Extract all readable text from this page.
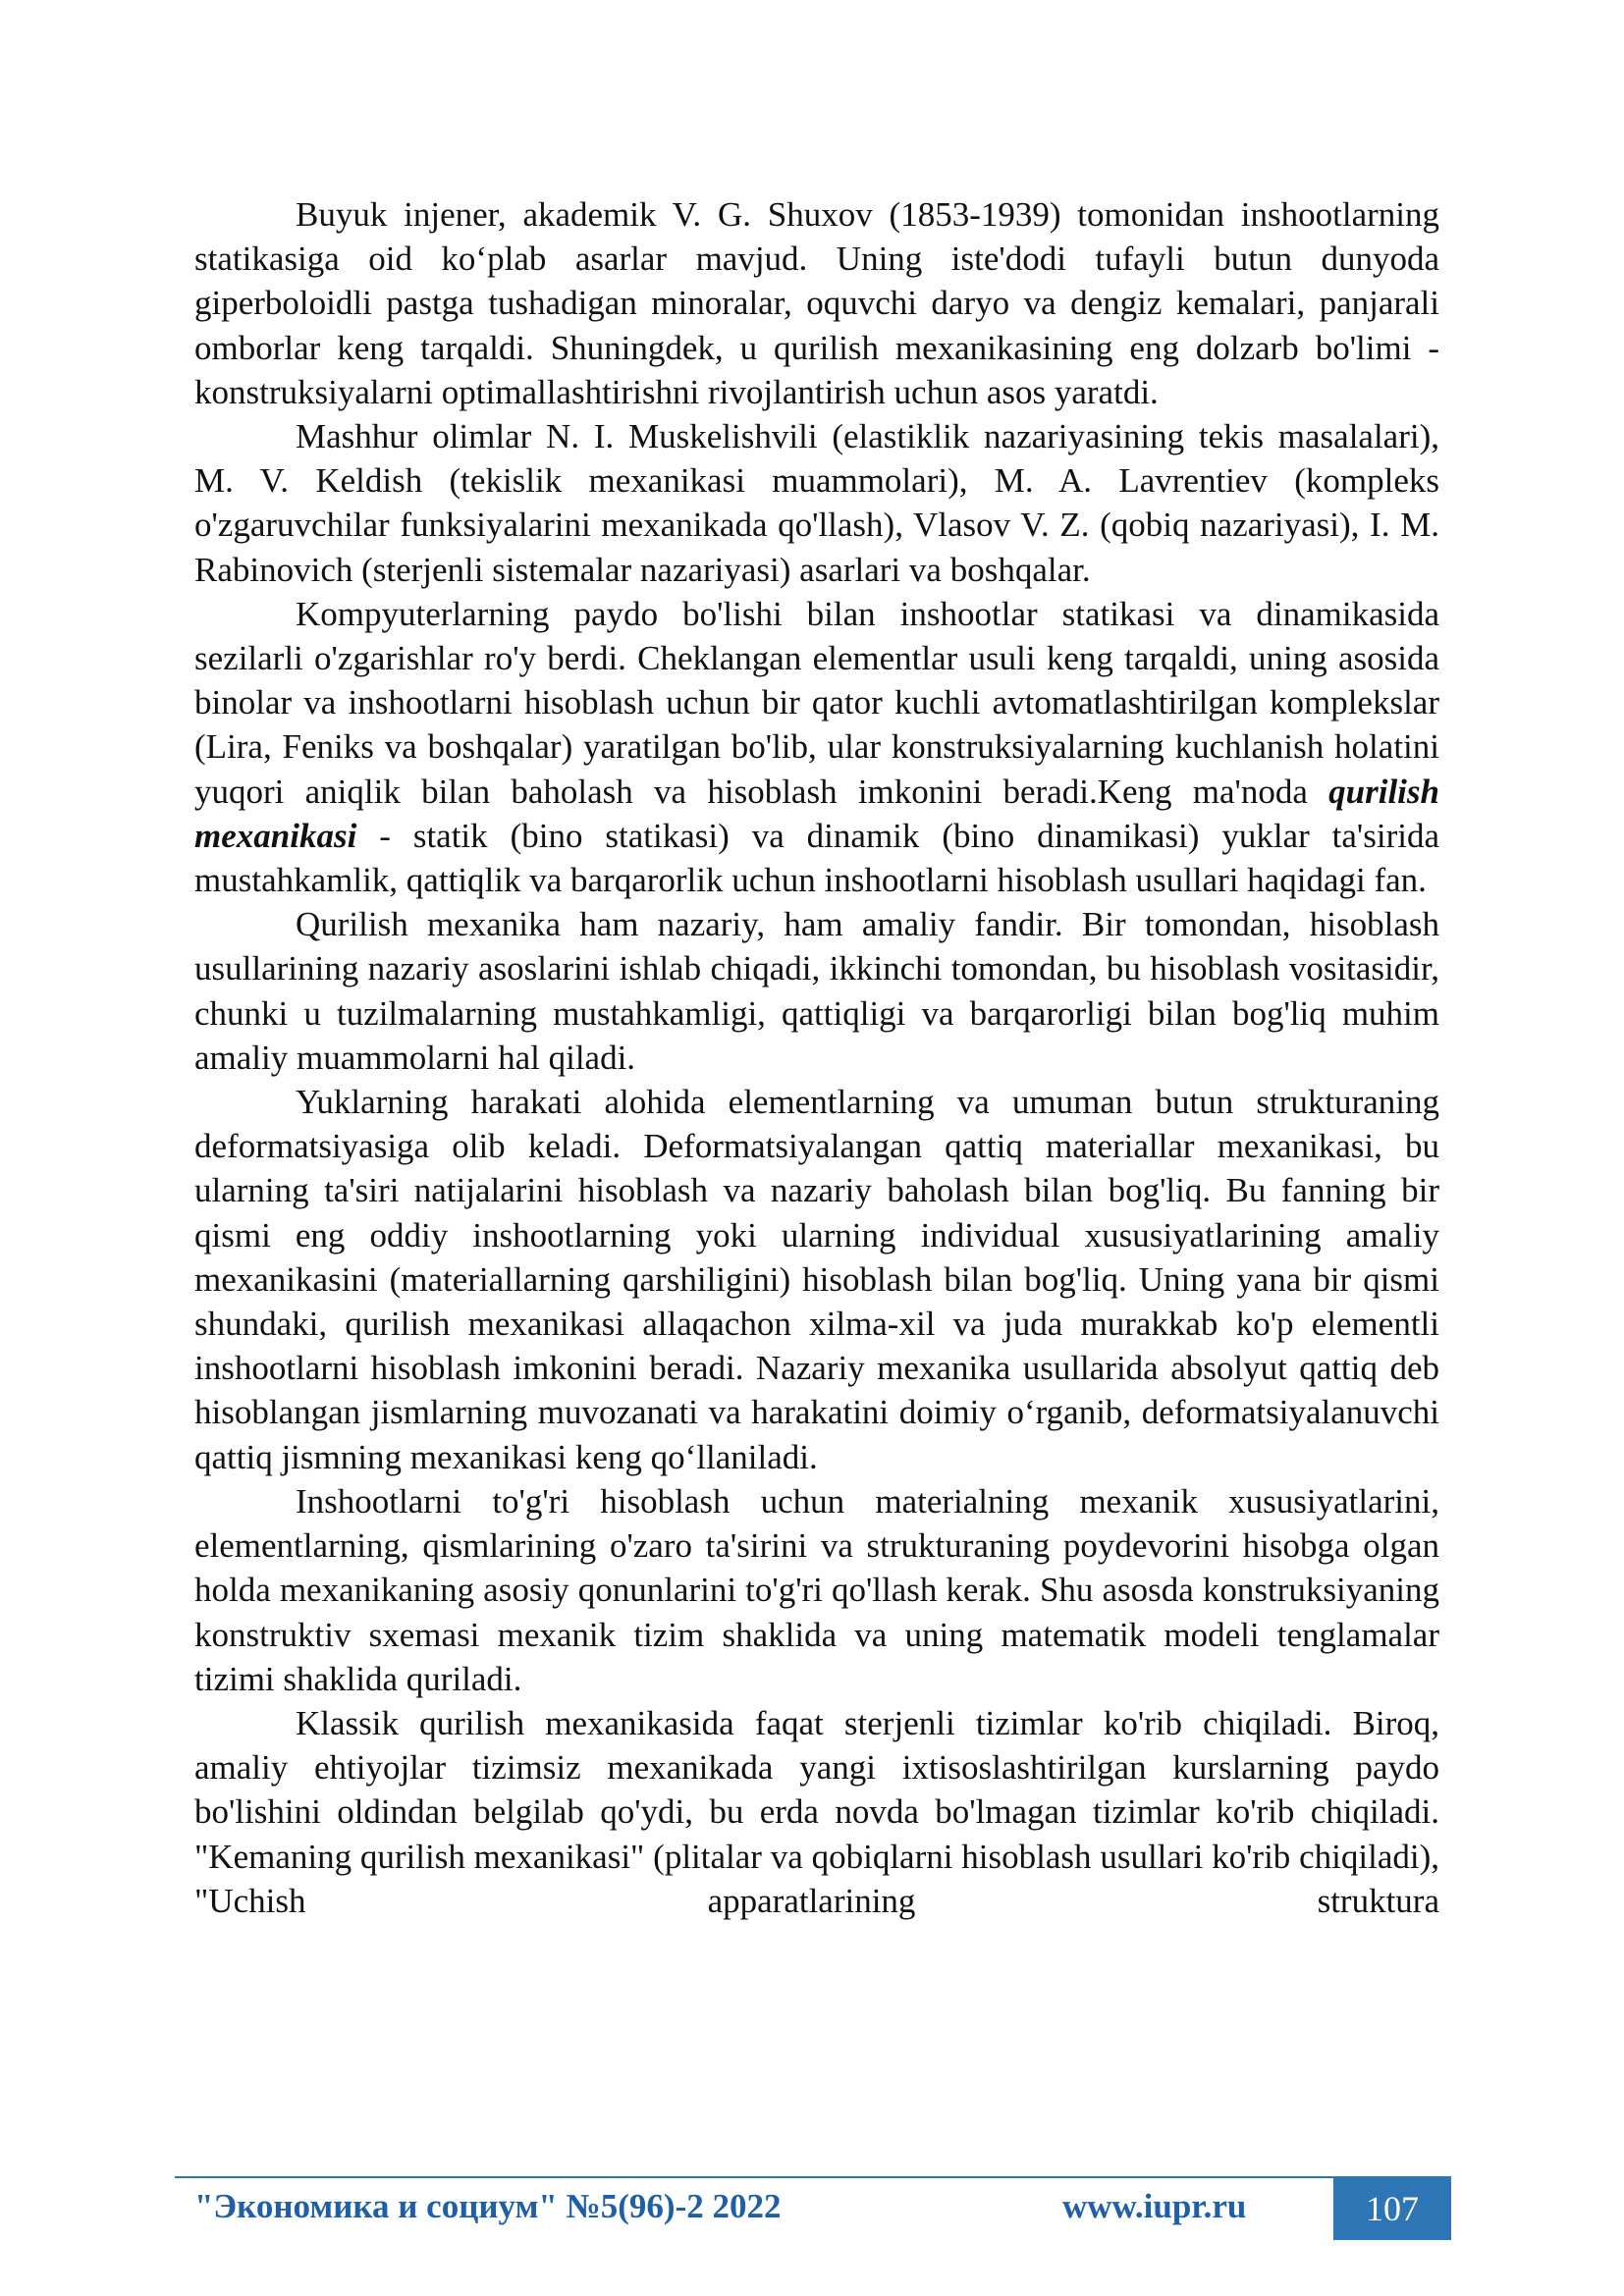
Buyuk injener, akademik V. G. Shuxov (1853-1939) tomonidan inshootlarning statikasiga oid ko‘plab asarlar mavjud. Uning iste'dodi tufayli butun dunyoda giperboloidli pastga tushadigan minoralar, oquvchi daryo va dengiz kemalari, panjarali omborlar keng tarqaldi. Shuningdek, u qurilish mexanikasining eng dolzarb bo'limi - konstruksiyalarni optimallashtirishni rivojlantirish uchun asos yaratdi.

Mashhur olimlar N. I. Muskelishvili (elastiklik nazariyasining tekis masalalari), M. V. Keldish (tekislik mexanikasi muammolari), M. A. Lavrentiev (kompleks o'zgaruvchilar funksiyalarini mexanikada qo'llash), Vlasov V. Z. (qobiq nazariyasi), I. M. Rabinovich (sterjenli sistemalar nazariyasi) asarlari va boshqalar.

Kompyuterlarning paydo bo'lishi bilan inshootlar statikasi va dinamikasida sezilarli o'zgarishlar ro'y berdi. Cheklangan elementlar usuli keng tarqaldi, uning asosida binolar va inshootlarni hisoblash uchun bir qator kuchli avtomatlashtirilgan komplekslar (Lira, Feniks va boshqalar) yaratilgan bo'lib, ular konstruksiyalarning kuchlanish holatini yuqori aniqlik bilan baholash va hisoblash imkonini beradi.Keng ma'noda qurilish mexanikasi - statik (bino statikasi) va dinamik (bino dinamikasi) yuklar ta'sirida mustahkamlik, qattiqlik va barqarorlik uchun inshootlarni hisoblash usullari haqidagi fan.

Qurilish mexanika ham nazariy, ham amaliy fandir. Bir tomondan, hisoblash usullarining nazariy asoslarini ishlab chiqadi, ikkinchi tomondan, bu hisoblash vositasidir, chunki u tuzilmalarning mustahkamligi, qattiqligi va barqarorligi bilan bog'liq muhim amaliy muammolarni hal qiladi.

Yuklarning harakati alohida elementlarning va umuman butun strukturaning deformatsiyasiga olib keladi. Deformatsiyalangan qattiq materiallar mexanikasi, bu ularning ta'siri natijalarini hisoblash va nazariy baholash bilan bog'liq. Bu fanning bir qismi eng oddiy inshootlarning yoki ularning individual xususiyatlarining amaliy mexanikasini (materiallarning qarshiligini) hisoblash bilan bog'liq. Uning yana bir qismi shundaki, qurilish mexanikasi allaqachon xilma-xil va juda murakkab ko'p elementli inshootlarni hisoblash imkonini beradi. Nazariy mexanika usullarida absolyut qattiq deb hisoblangan jismlarning muvozanati va harakatini doimiy o‘rganib, deformatsiyalanuvchi qattiq jismning mexanikasi keng qo‘llaniladi.

Inshootlarni to'g'ri hisoblash uchun materialning mexanik xususiyatlarini, elementlarning, qismlarining o'zaro ta'sirini va strukturaning poydevorini hisobga olgan holda mexanikaning asosiy qonunlarini to'g'ri qo'llash kerak. Shu asosda konstruksiyaning konstruktiv sxemasi mexanik tizim shaklida va uning matematik modeli tenglamalar tizimi shaklida quriladi.

Klassik qurilish mexanikasida faqat sterjenli tizimlar ko'rib chiqiladi. Biroq, amaliy ehtiyojlar tizimsiz mexanikada yangi ixtisoslashtirilgan kurslarning paydo bo'lishini oldindan belgilab qo'ydi, bu erda novda bo'lmagan tizimlar ko'rib chiqiladi. "Kemaning qurilish mexanikasi" (plitalar va qobiqlarni hisoblash usullari ko'rib chiqiladi), "Uchish apparatlarining struktura

"Экономика и социум" №5(96)-2 2022	www.iupr.ru	107
